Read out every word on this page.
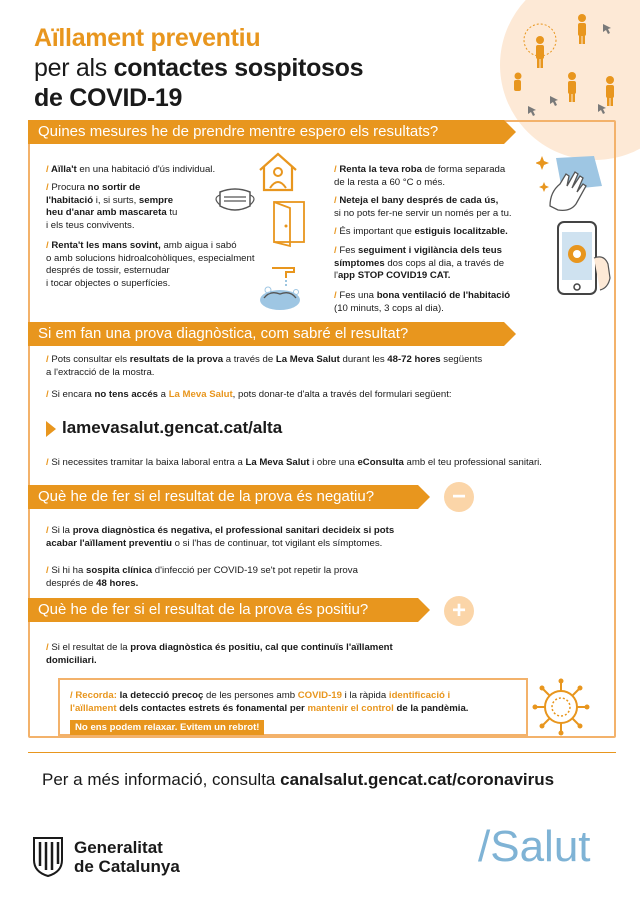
Aïllament preventiu
per als contactes sospitosos
de COVID-19
Quines mesures he de prendre mentre espero els resultats?
/ Aïlla't en una habitació d'ús individual.
/ Procura no sortir de
l'habitació i, si surts, sempre
heu d'anar amb mascareta tu
i els teus convivents.
/ Renta't les mans sovint, amb aigua i sabó
o amb solucions hidroalcohòliques, especialment
després de tossir, esternudar
i tocar objectes o superfícies.
/ Renta la teva roba de forma separada
de la resta a 60 °C o més.
/ Neteja el bany després de cada ús,
si no pots fer-ne servir un només per a tu.
/ És important que estiguis localitzable.
/ Fes seguiment i vigilància dels teus
símptomes dos cops al dia, a través de
l'app STOP COVID19 CAT.
/ Fes una bona ventilació de l'habitació
(10 minuts, 3 cops al dia).
Si em fan una prova diagnòstica, com sabré el resultat?
/ Pots consultar els resultats de la prova a través de La Meva Salut durant les 48-72 hores següents
a l'extracció de la mostra.
/ Si encara no tens accés a La Meva Salut, pots donar-te d'alta a través del formulari següent:
lamevasalut.gencat.cat/alta
/ Si necessites tramitar la baixa laboral entra a La Meva Salut i obre una eConsulta amb el teu professional sanitari.
Què he de fer si el resultat de la prova és negatiu?	−
/ Si la prova diagnòstica és negativa, el professional sanitari decideix si pots
acabar l'aïllament preventiu o si l'has de continuar, tot vigilant els símptomes.
/ Si hi ha sospita clínica d'infecció per COVID-19 se't pot repetir la prova
després de 48 hores.
Què he de fer si el resultat de la prova és positiu?	+
/ Si el resultat de la prova diagnòstica és positiu, cal que continuïs l'aïllament
domiciliari.
/ Recorda: la detecció precoç de les persones amb COVID-19 i la ràpida identificació i
l'aïllament dels contactes estrets és fonamental per mantenir el control de la pandèmia.
No ens podem relaxar. Evitem un rebrot!
Per a més informació, consulta canalsalut.gencat.cat/coronavirus
Generalitat
de Catalunya	/Salut
